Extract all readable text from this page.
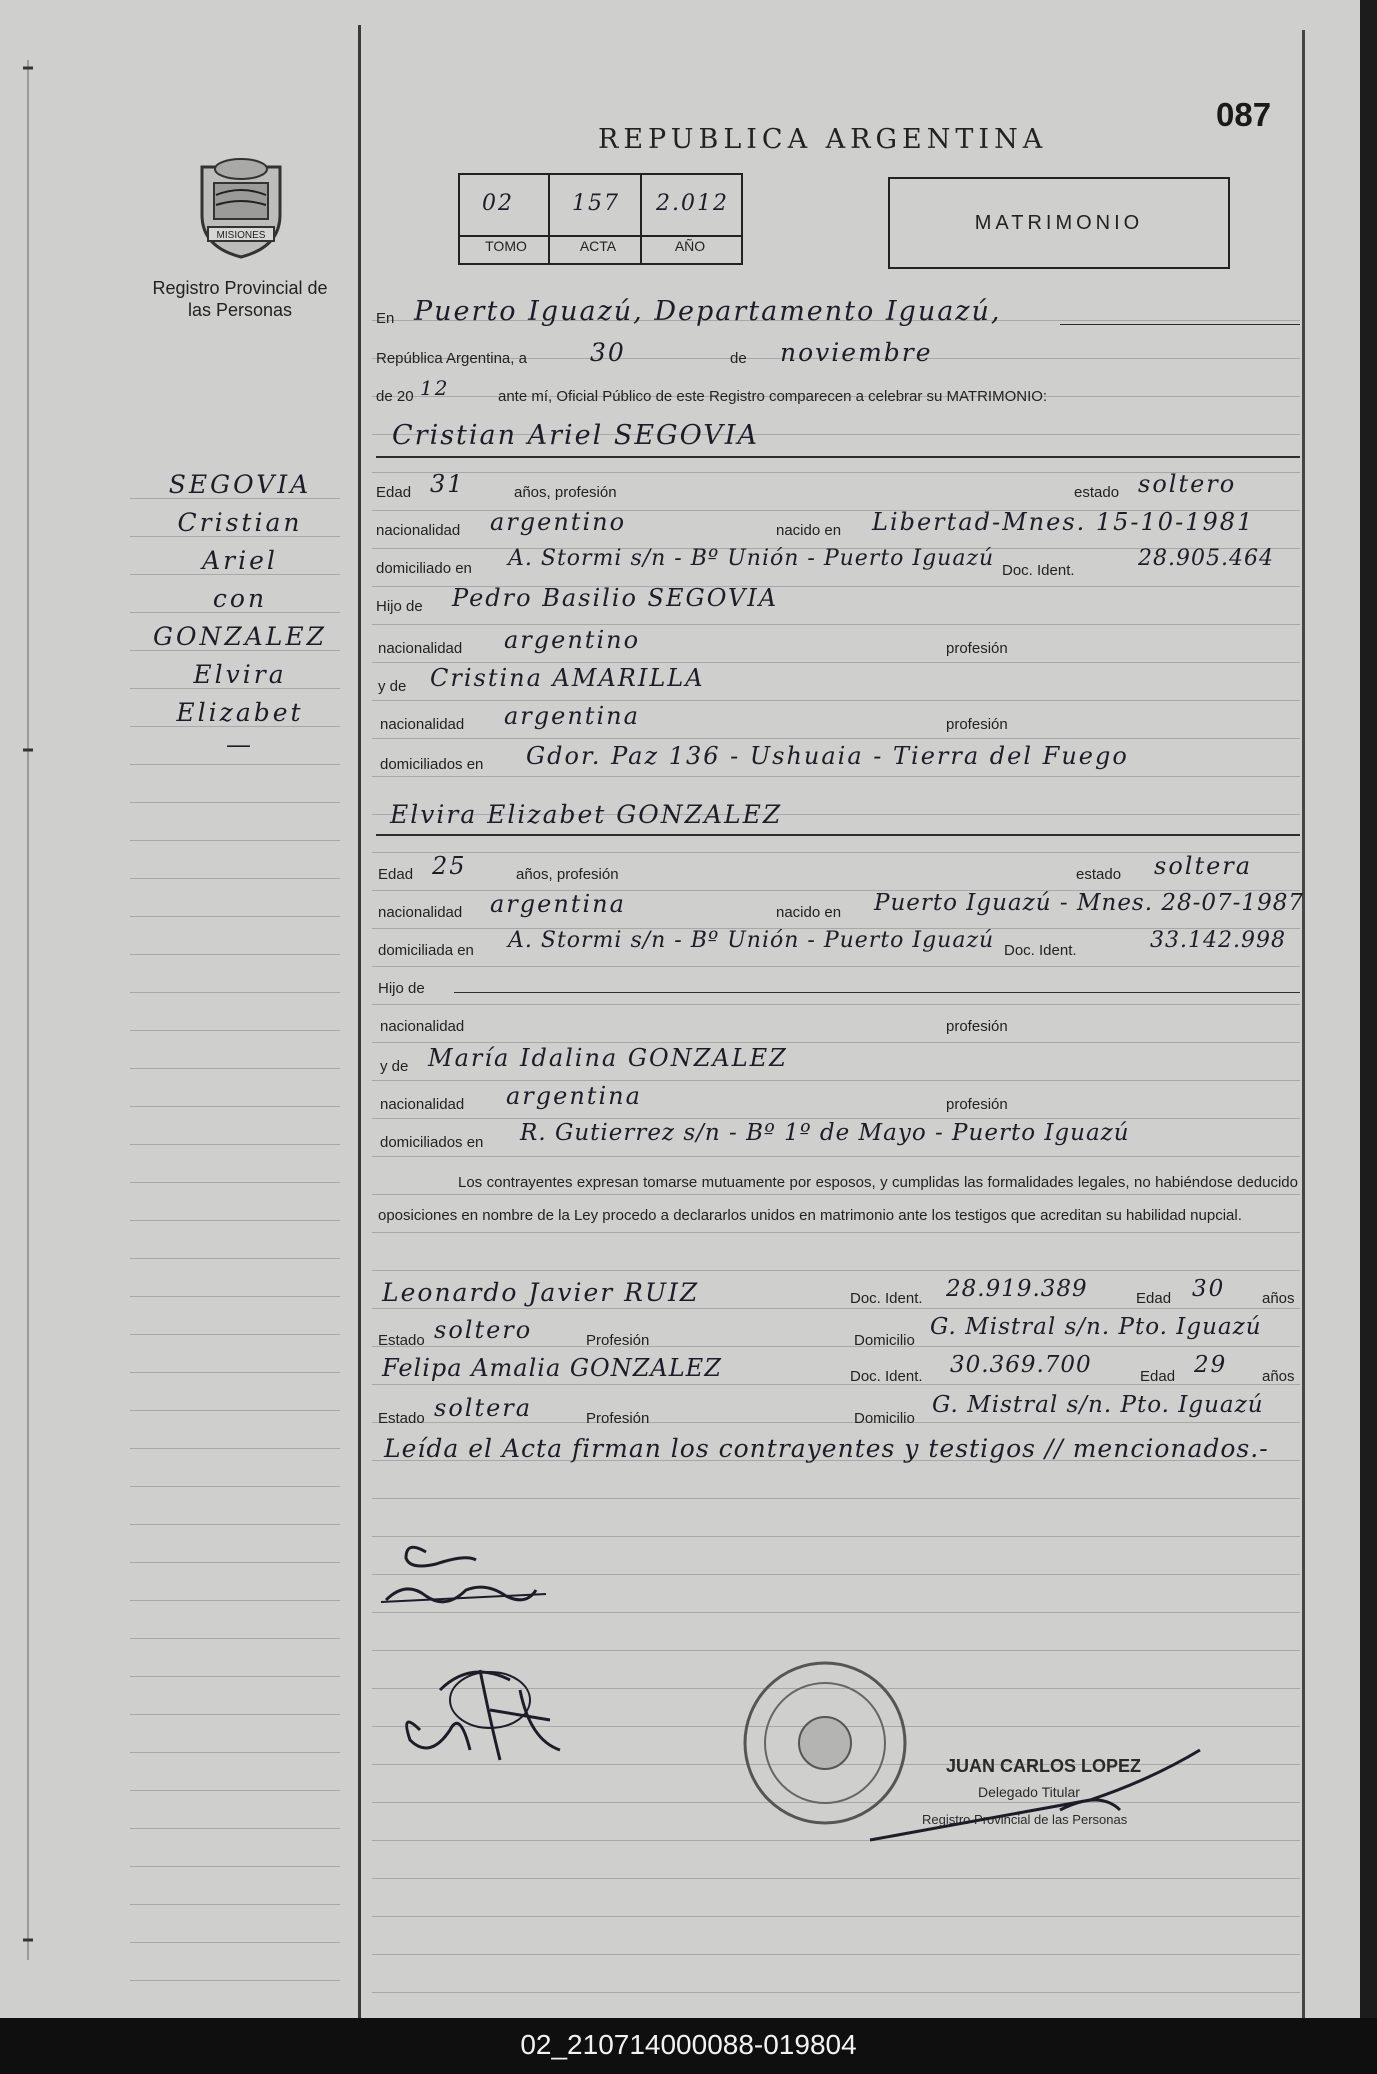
MISIONES
Registro Provincial de las Personas
REPUBLICA ARGENTINA
087
02	157 2.012
TOMO	ACTA	AÑO
MATRIMONIO
SEGOVIA
Cristian
Ariel
con
GONZALEZ
Elvira
Elizabet
—
En Puerto Iguazú, Departamento Iguazú,
República Argentina, a	30	de noviembre
de 20 12	ante mí, Oficial Público de este Registro comparecen a celebrar su MATRIMONIO:
Cristian Ariel SEGOVIA
Edad 31	años, profesión	estado soltero
nacionalidad argentino	nacido en Libertad-Mnes. 15-10-1981
domiciliado en A. Stormi s/n - Bº Unión - Puerto Iguazú Doc. Ident.	28.905.464
Hijo de Pedro Basilio SEGOVIA
nacionalidad argentino	profesión
y de Cristina AMARILLA
nacionalidad argentina	profesión
domiciliados en Gdor. Paz 136 - Ushuaia - Tierra del Fuego
Elvira Elizabet GONZALEZ
Edad 25	años, profesión	estado soltera
nacionalidad argentina	nacido en Puerto Iguazú - Mnes. 28-07-1987
domiciliada en A. Stormi s/n - Bº Unión - Puerto Iguazú Doc. Ident.	33.142.998
Hijo de
nacionalidad	profesión
y de María Idalina GONZALEZ
nacionalidad argentina	profesión
domiciliados en R. Gutierrez s/n - Bº 1º de Mayo - Puerto Iguazú
Los contrayentes expresan tomarse mutuamente por esposos, y cumplidas las formalidades legales, no habiéndose deducido oposiciones en nombre de la Ley procedo a declararlos unidos en matrimonio ante los testigos que acreditan su habilidad nupcial.
Leonardo Javier RUIZ	Doc. Ident. 28.919.389	Edad 30 años
Estado soltero	Profesión	Domicilio
G. Mistral s/n. Pto. Iguazú
Felipa Amalia GONZALEZ	Doc. Ident. 30.369.700	Edad 29 años
Estado soltera	Profesión	Domicilio
G. Mistral s/n. Pto. Iguazú
Leída el Acta firman los contrayentes y testigos // mencionados.-
JUAN CARLOS LOPEZ
Delegado Titular
Registro Provincial de las Personas
02_210714000088-019804
